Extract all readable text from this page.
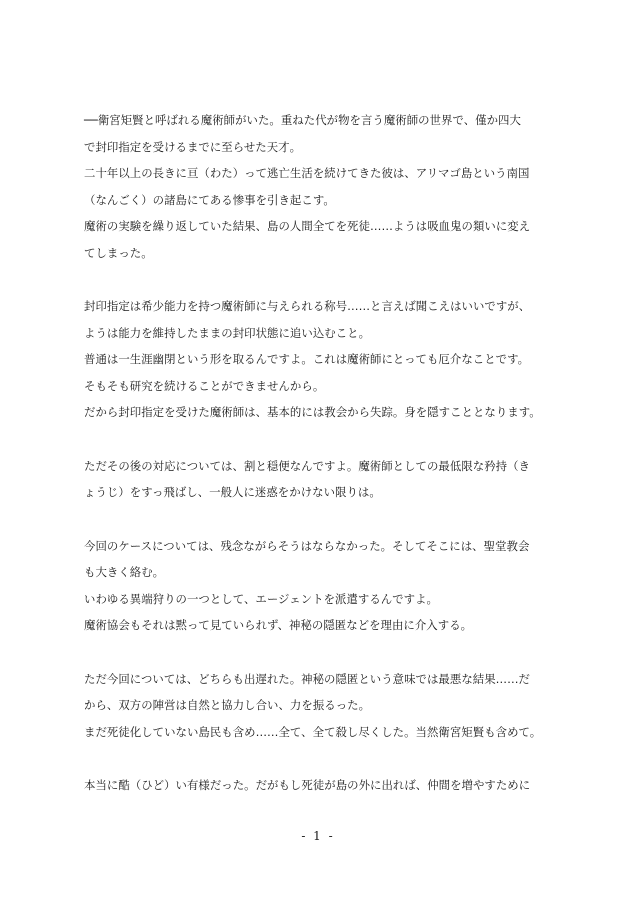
──衛宮矩賢と呼ばれる魔術師がいた。重ねた代が物を言う魔術師の世界で、僅か四大
で封印指定を受けるまでに至らせた天才。
二十年以上の長きに亘（わた）って逃亡生活を続けてきた彼は、アリマゴ島という南国
（なんごく）の諸島にてある惨事を引き起こす。
魔術の実験を繰り返していた結果、島の人間全てを死徒……ようは吸血鬼の類いに変え
てしまった。
封印指定は希少能力を持つ魔術師に与えられる称号……と言えば聞こえはいいですが、
ようは能力を維持したままの封印状態に追い込むこと。
普通は一生涯幽閉という形を取るんですよ。これは魔術師にとっても厄介なことです。
そもそも研究を続けることができませんから。
だから封印指定を受けた魔術師は、基本的には教会から失踪。身を隠すこととなります。
ただその後の対応については、割と穏便なんですよ。魔術師としての最低限な矜持（き
ょうじ）をすっ飛ばし、一般人に迷惑をかけない限りは。
今回のケースについては、残念ながらそうはならなかった。そしてそこには、聖堂教会
も大きく絡む。
いわゆる異端狩りの一つとして、エージェントを派遣するんですよ。
魔術協会もそれは黙って見ていられず、神秘の隠匿などを理由に介入する。
ただ今回については、どちらも出遅れた。神秘の隠匿という意味では最悪な結果……だ
から、双方の陣営は自然と協力し合い、力を振るった。
まだ死徒化していない島民も含め……全て、全て殺し尽くした。当然衛宮矩賢も含めて。
本当に酷（ひど）い有様だった。だがもし死徒が島の外に出れば、仲間を増やすために
- 1 -
